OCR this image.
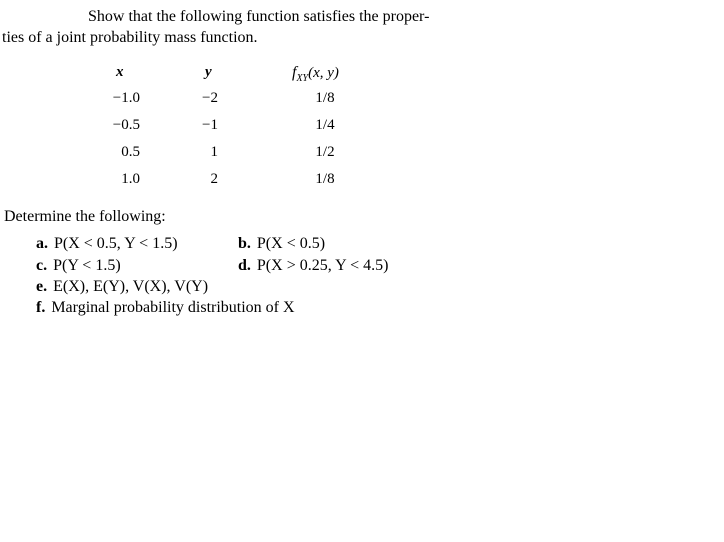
Show that the following function satisfies the proper-
ties of a joint probability mass function.
x	y	$f_{XY}(x$, y)
−1.0	−2	1/8
−0.5	−1	1/4
0.5	1	1/2
1.0	2	1/8
Determine the following:
a. P(X < 0.5, Y < 1.5)	b. P(X < 0.5)
c. P(Y < 1.5)	d. P(X > 0.25, Y < 4.5)
e. E(X), E(Y), V(X), V(Y)
f. Marginal probability distribution of X
